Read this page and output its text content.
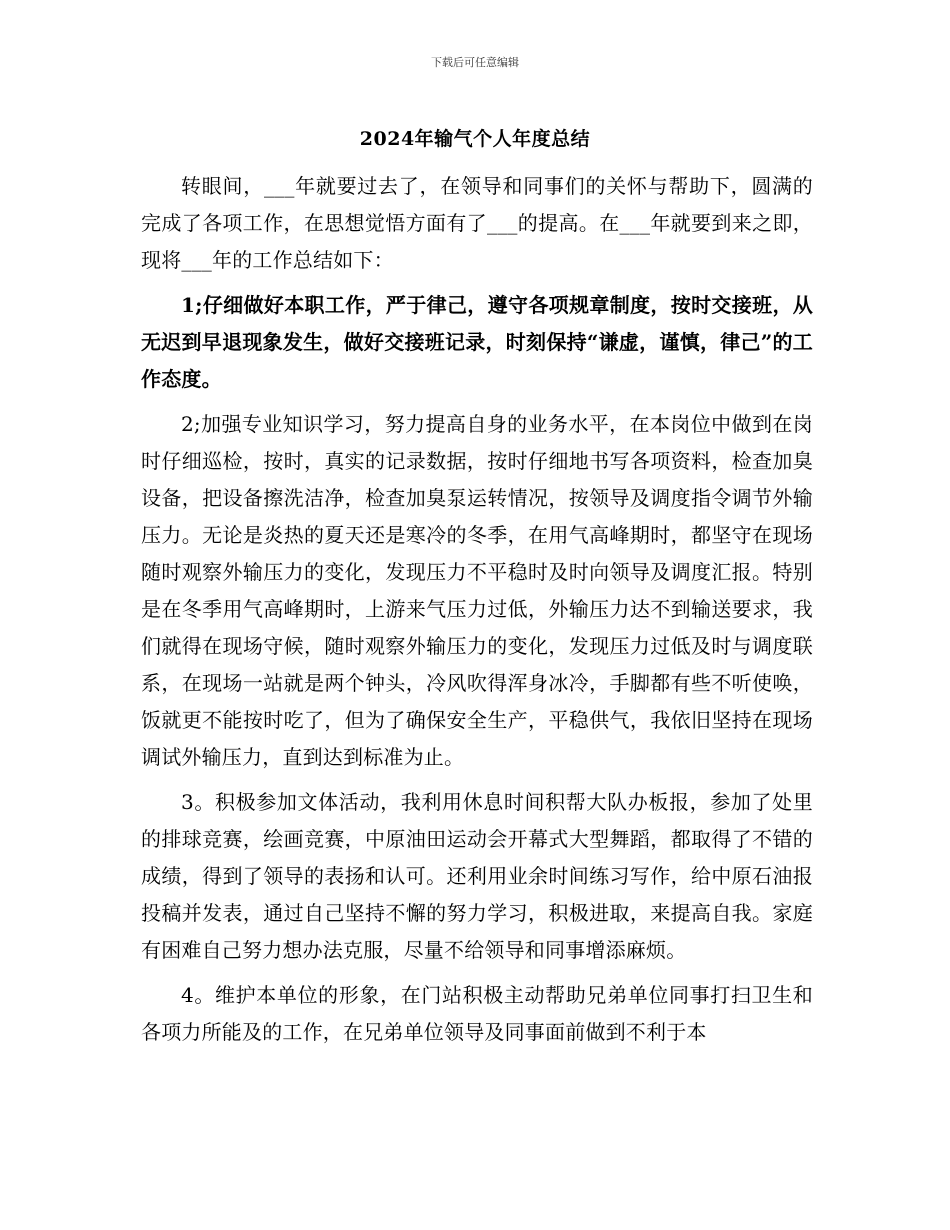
下载后可任意编辑
2024年输气个人年度总结

转眼间，___年就要过去了，在领导和同事们的关怀与帮助下，圆满的完成了各项工作，在思想觉悟方面有了___的提高。在___年就要到来之即，现将___年的工作总结如下：

1;仔细做好本职工作，严于律己，遵守各项规章制度，按时交接班，从无迟到早退现象发生，做好交接班记录，时刻保持“谦虚，谨慎，律己”的工作态度。

2;加强专业知识学习，努力提高自身的业务水平，在本岗位中做到在岗时仔细巡检，按时，真实的记录数据，按时仔细地书写各项资料，检查加臭设备，把设备擦洗洁净，检查加臭泵运转情况，按领导及调度指令调节外输压力。无论是炎热的夏天还是寒冷的冬季，在用气高峰期时，都坚守在现场随时观察外输压力的变化，发现压力不平稳时及时向领导及调度汇报。特别是在冬季用气高峰期时，上游来气压力过低，外输压力达不到输送要求，我们就得在现场守候，随时观察外输压力的变化，发现压力过低及时与调度联系，在现场一站就是两个钟头，冷风吹得浑身冰冷，手脚都有些不听使唤，饭就更不能按时吃了，但为了确保安全生产，平稳供气，我依旧坚持在现场调试外输压力，直到达到标准为止。

3。积极参加文体活动，我利用休息时间积帮大队办板报，参加了处里的排球竞赛，绘画竞赛，中原油田运动会开幕式大型舞蹈，都取得了不错的成绩，得到了领导的表扬和认可。还利用业余时间练习写作，给中原石油报投稿并发表，通过自己坚持不懈的努力学习，积极进取，来提高自我。家庭有困难自己努力想办法克服，尽量不给领导和同事增添麻烦。

4。维护本单位的形象，在门站积极主动帮助兄弟单位同事打扫卫生和各项力所能及的工作，在兄弟单位领导及同事面前做到不利于本
